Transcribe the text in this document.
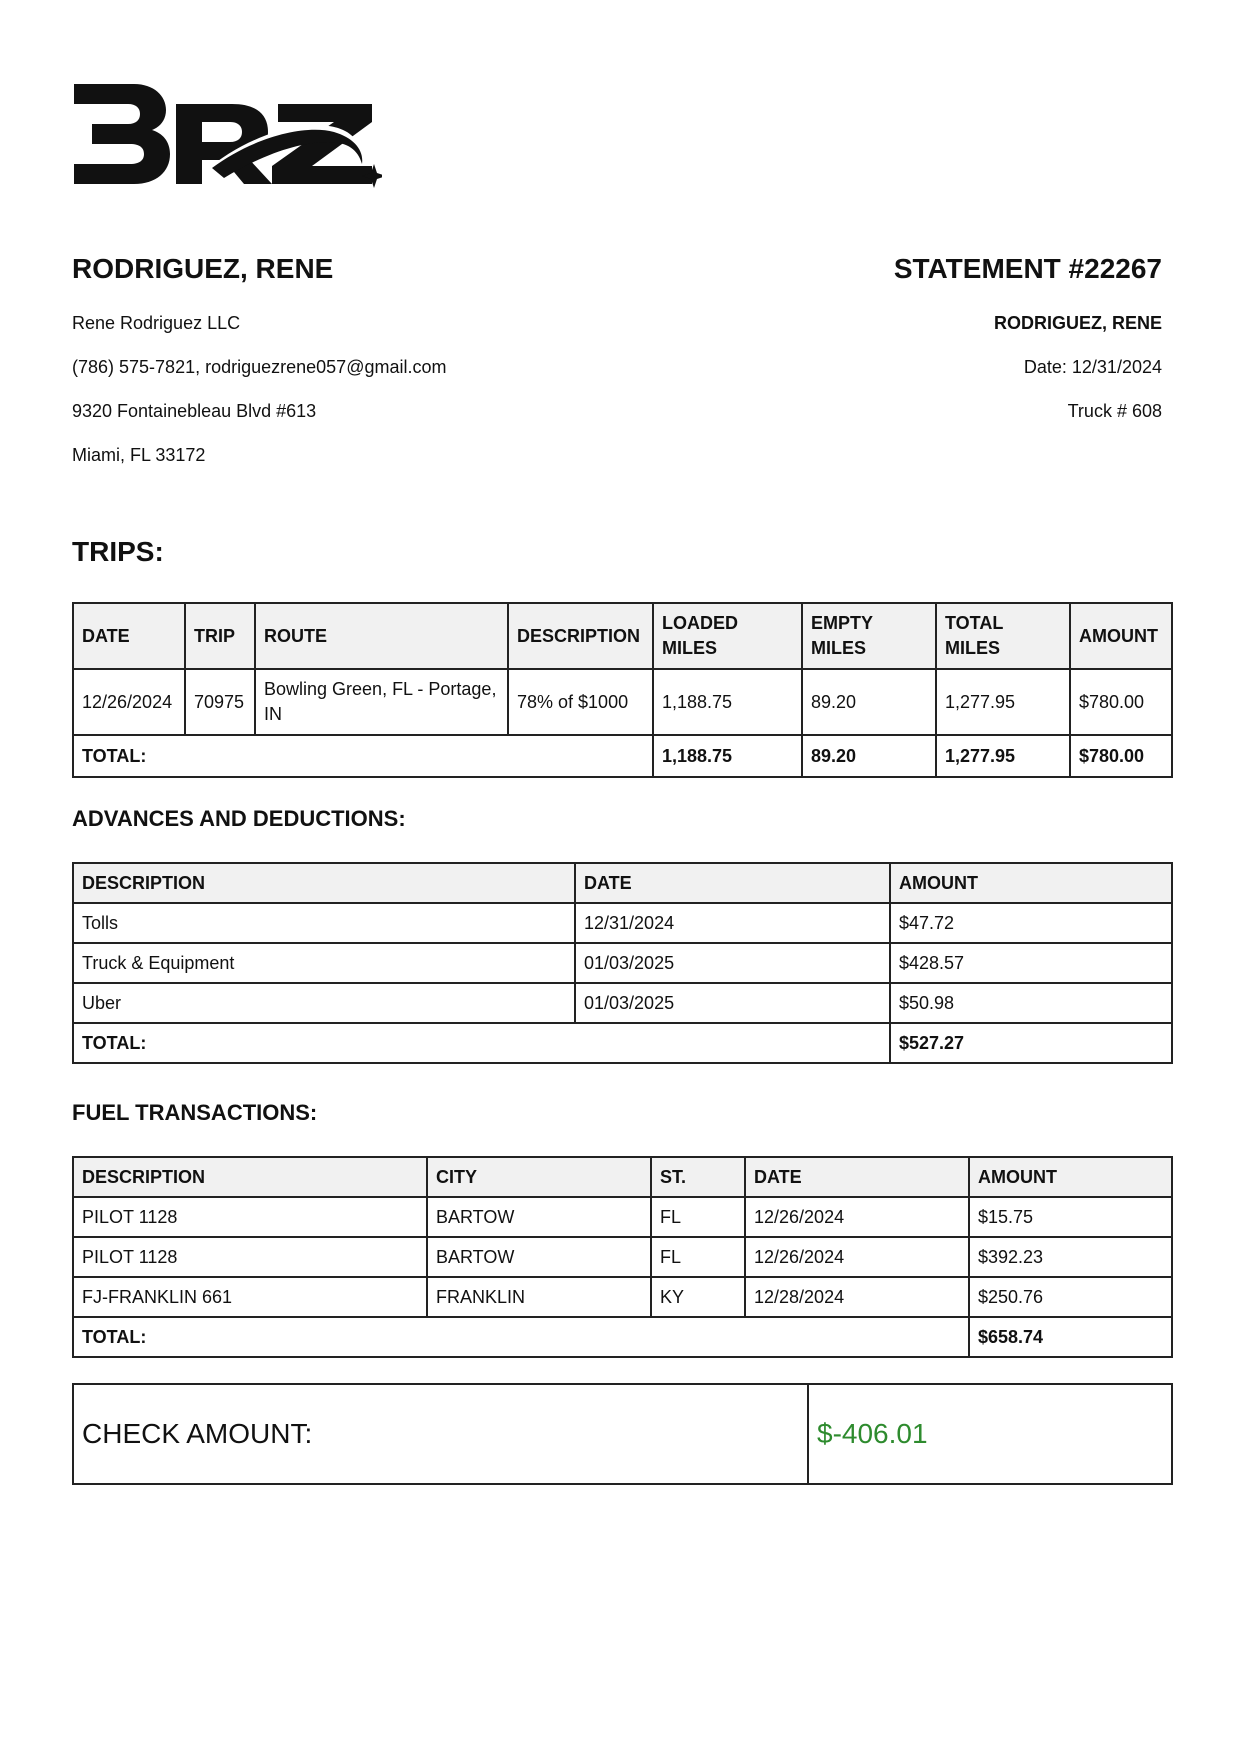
RODRIGUEZ, RENE
Rene Rodriguez LLC
(786) 575-7821, rodriguezrene057@gmail.com
9320 Fontainebleau Blvd #613
Miami, FL 33172
STATEMENT #22267
RODRIGUEZ, RENE
Date: 12/31/2024
Truck # 608
TRIPS:
DATE	TRIP	ROUTE	DESCRIPTION	LOADED MILES	EMPTY MILES	TOTAL MILES	AMOUNT
12/26/2024	70975	Bowling Green, FL - Portage, IN	78% of $1000	1,188.75	89.20	1,277.95	$780.00
TOTAL:				1,188.75	89.20	1,277.95	$780.00
ADVANCES AND DEDUCTIONS:
DESCRIPTION	DATE	AMOUNT
Tolls	12/31/2024	$47.72
Truck & Equipment	01/03/2025	$428.57
Uber	01/03/2025	$50.98
TOTAL:		$527.27
FUEL TRANSACTIONS:
DESCRIPTION	CITY	ST.	DATE	AMOUNT
PILOT 1128	BARTOW	FL	12/26/2024	$15.75
PILOT 1128	BARTOW	FL	12/26/2024	$392.23
FJ-FRANKLIN 661	FRANKLIN	KY	12/28/2024	$250.76
TOTAL:				$658.74
CHECK AMOUNT:	$-406.01
